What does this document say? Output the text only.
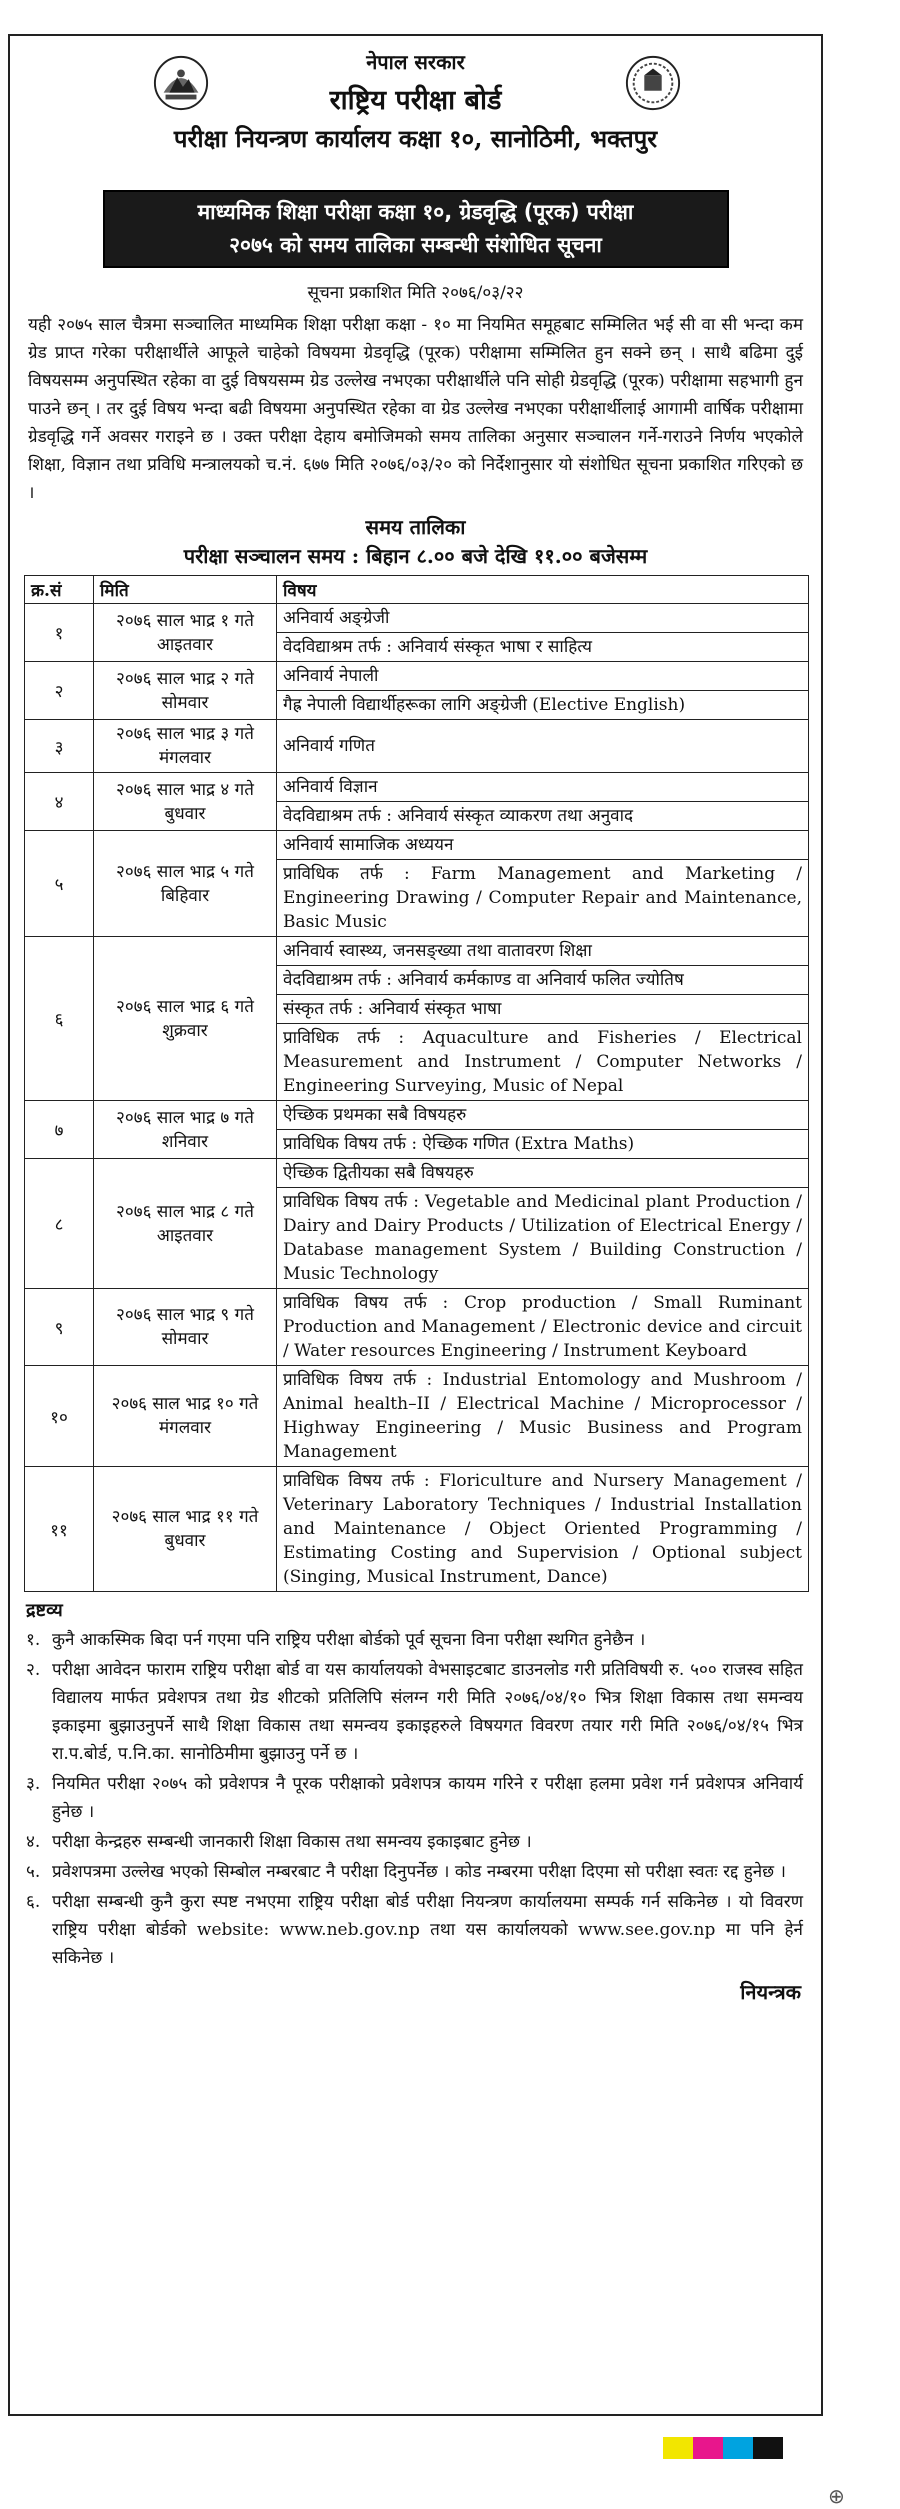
नेपाल सरकार
राष्ट्रिय परीक्षा बोर्ड
परीक्षा नियन्त्रण कार्यालय कक्षा १०, सानोठिमी, भक्तपुर
माध्यमिक शिक्षा परीक्षा कक्षा १०, ग्रेडवृद्धि (पूरक) परीक्षा
२०७५ को समय तालिका सम्बन्धी संशोधित सूचना
सूचना प्रकाशित मिति २०७६/०३/२२
यही २०७५ साल चैत्रमा सञ्चालित माध्यमिक शिक्षा परीक्षा कक्षा - १० मा नियमित समूहबाट सम्मिलित भई सी वा सी भन्दा कम ग्रेड प्राप्त गरेका परीक्षार्थीले आफूले चाहेको विषयमा ग्रेडवृद्धि (पूरक) परीक्षामा सम्मिलित हुन सक्ने छन् । साथै बढिमा दुई विषयसम्म अनुपस्थित रहेका वा दुई विषयसम्म ग्रेड उल्लेख नभएका परीक्षार्थीले पनि सोही ग्रेडवृद्धि (पूरक) परीक्षामा सहभागी हुन पाउने छन् । तर दुई विषय भन्दा बढी विषयमा अनुपस्थित रहेका वा ग्रेड उल्लेख नभएका परीक्षार्थीलाई आगामी वार्षिक परीक्षामा ग्रेडवृद्धि गर्ने अवसर गराइने छ । उक्त परीक्षा देहाय बमोजिमको समय तालिका अनुसार सञ्चालन गर्ने-गराउने निर्णय भएकोले शिक्षा, विज्ञान तथा प्रविधि मन्त्रालयको च.नं. ६७७ मिति २०७६/०३/२० को निर्देशानुसार यो संशोधित सूचना प्रकाशित गरिएको छ ।
समय तालिका
परीक्षा सञ्चालन समय : बिहान ८.०० बजे देखि ११.०० बजेसम्म
क्र.सं	मिति	विषय
१	२०७६ साल भाद्र १ गते आइतवार	अनिवार्य अङ्ग्रेजी
		वेदविद्याश्रम तर्फ : अनिवार्य संस्कृत भाषा र साहित्य
२	२०७६ साल भाद्र २ गते सोमवार	अनिवार्य नेपाली
		गैह्र नेपाली विद्यार्थीहरूका लागि अङ्ग्रेजी (Elective English)
३	२०७६ साल भाद्र ३ गते मंगलवार	अनिवार्य गणित
४	२०७६ साल भाद्र ४ गते बुधवार	अनिवार्य विज्ञान
		वेदविद्याश्रम तर्फ : अनिवार्य संस्कृत व्याकरण तथा अनुवाद
५	२०७६ साल भाद्र ५ गते बिहिवार	अनिवार्य सामाजिक अध्ययन
		प्राविधिक तर्फ : Farm Management and Marketing / Engineering Drawing / Computer Repair and Maintenance, Basic Music
६	२०७६ साल भाद्र ६ गते शुक्रवार	अनिवार्य स्वास्थ्य, जनसङ्ख्या तथा वातावरण शिक्षा
		वेदविद्याश्रम तर्फ : अनिवार्य कर्मकाण्ड वा अनिवार्य फलित ज्योतिष
		संस्कृत तर्फ : अनिवार्य संस्कृत भाषा
		प्राविधिक तर्फ : Aquaculture and Fisheries / Electrical Measurement and Instrument / Computer Networks / Engineering Surveying, Music of Nepal
७	२०७६ साल भाद्र ७ गते शनिवार	ऐच्छिक प्रथमका सबै विषयहरु
		प्राविधिक विषय तर्फ : ऐच्छिक गणित (Extra Maths)
८	२०७६ साल भाद्र ८ गते आइतवार	ऐच्छिक द्वितीयका सबै विषयहरु
		प्राविधिक विषय तर्फ : Vegetable and Medicinal plant Production / Dairy and Dairy Products / Utilization of Electrical Energy / Database management System / Building Construction / Music Technology
९	२०७६ साल भाद्र ९ गते सोमवार	प्राविधिक विषय तर्फ : Crop production / Small Ruminant Production and Management / Electronic device and circuit / Water resources Engineering / Instrument Keyboard
१०	२०७६ साल भाद्र १० गते मंगलवार	प्राविधिक विषय तर्फ : Industrial Entomology and Mushroom / Animal health–II / Electrical Machine / Microprocessor / Highway Engineering / Music Business and Program Management
११	२०७६ साल भाद्र ११ गते बुधवार	प्राविधिक विषय तर्फ : Floriculture and Nursery Management / Veterinary Laboratory Techniques / Industrial Installation and Maintenance / Object Oriented Programming / Estimating Costing and Supervision / Optional subject (Singing, Musical Instrument, Dance)
द्रष्टव्य
१. कुनै आकस्मिक बिदा पर्न गएमा पनि राष्ट्रिय परीक्षा बोर्डको पूर्व सूचना विना परीक्षा स्थगित हुनेछैन ।
२. परीक्षा आवेदन फाराम राष्ट्रिय परीक्षा बोर्ड वा यस कार्यालयको वेभसाइटबाट डाउनलोड गरी प्रतिविषयी रु. ५०० राजस्व सहित विद्यालय मार्फत प्रवेशपत्र तथा ग्रेड शीटको प्रतिलिपि संलग्न गरी मिति २०७६/०४/१० भित्र शिक्षा विकास तथा समन्वय इकाइमा बुझाउनुपर्ने साथै शिक्षा विकास तथा समन्वय इकाइहरुले विषयगत विवरण तयार गरी मिति २०७६/०४/१५ भित्र रा.प.बोर्ड, प.नि.का. सानोठिमीमा बुझाउनु पर्ने छ ।
३. नियमित परीक्षा २०७५ को प्रवेशपत्र नै पूरक परीक्षाको प्रवेशपत्र कायम गरिने र परीक्षा हलमा प्रवेश गर्न प्रवेशपत्र अनिवार्य हुनेछ ।
४. परीक्षा केन्द्रहरु सम्बन्धी जानकारी शिक्षा विकास तथा समन्वय इकाइबाट हुनेछ ।
५. प्रवेशपत्रमा उल्लेख भएको सिम्बोल नम्बरबाट नै परीक्षा दिनुपर्नेछ । कोड नम्बरमा परीक्षा दिएमा सो परीक्षा स्वतः रद्द हुनेछ ।
६. परीक्षा सम्बन्धी कुनै कुरा स्पष्ट नभएमा राष्ट्रिय परीक्षा बोर्ड परीक्षा नियन्त्रण कार्यालयमा सम्पर्क गर्न सकिनेछ । यो विवरण राष्ट्रिय परीक्षा बोर्डको website: www.neb.gov.np तथा यस कार्यालयको www.see.gov.np मा पनि हेर्न सकिनेछ ।
नियन्त्रक
⊕
